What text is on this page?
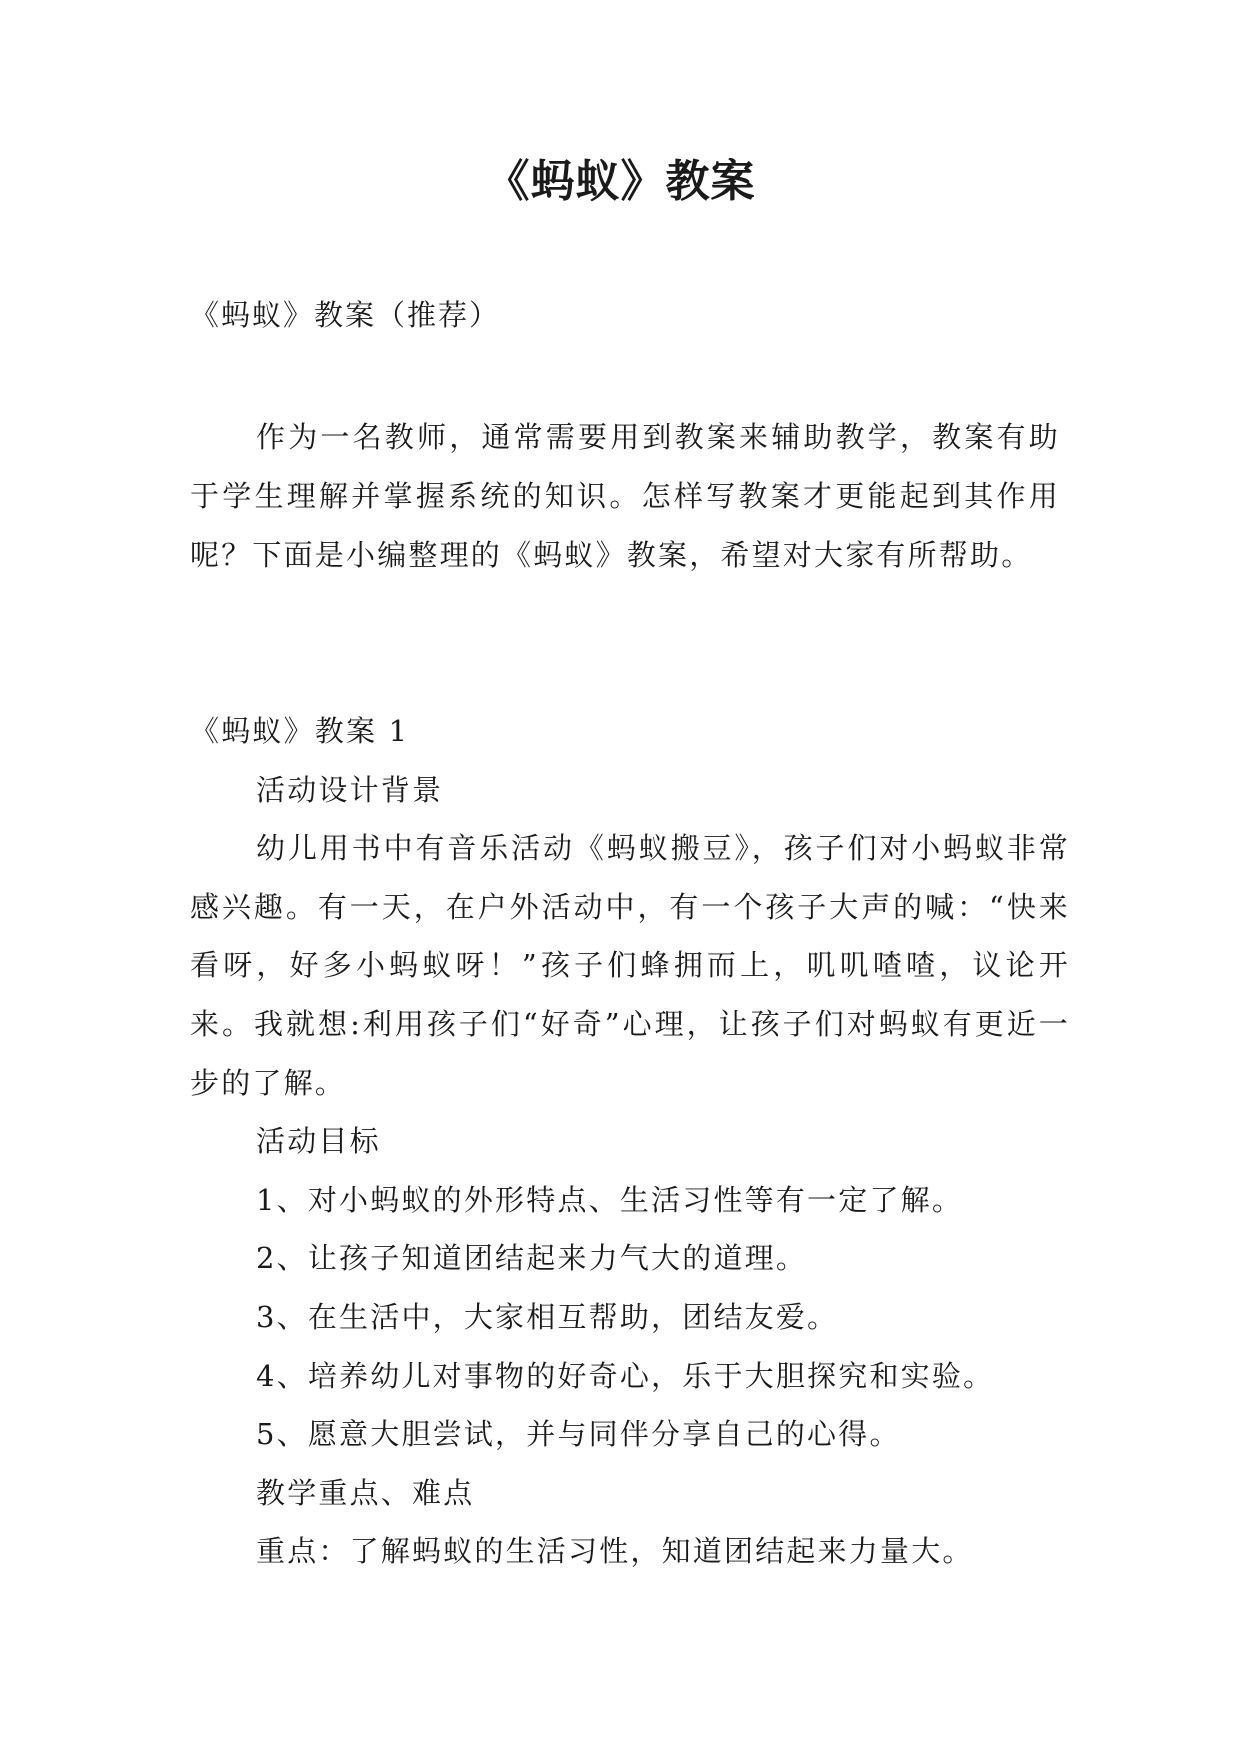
《蚂蚁》教案
《蚂蚁》教案（推荐）
作为一名教师，通常需要用到教案来辅助教学，教案有助于学生理解并掌握系统的知识。怎样写教案才更能起到其作用呢？下面是小编整理的《蚂蚁》教案，希望对大家有所帮助。

《蚂蚁》教案 1

活动设计背景

幼儿用书中有音乐活动《蚂蚁搬豆》，孩子们对小蚂蚁非常感兴趣。有一天，在户外活动中，有一个孩子大声的喊：“快来看呀，好多小蚂蚁呀！”孩子们蜂拥而上，叽叽喳喳，议论开来。我就想:利用孩子们“好奇”心理，让孩子们对蚂蚁有更近一步的了解。

活动目标

1、对小蚂蚁的外形特点、生活习性等有一定了解。

2、让孩子知道团结起来力气大的道理。

3、在生活中，大家相互帮助，团结友爱。

4、培养幼儿对事物的好奇心，乐于大胆探究和实验。

5、愿意大胆尝试，并与同伴分享自己的心得。

教学重点、难点

重点：了解蚂蚁的生活习性，知道团结起来力量大。
